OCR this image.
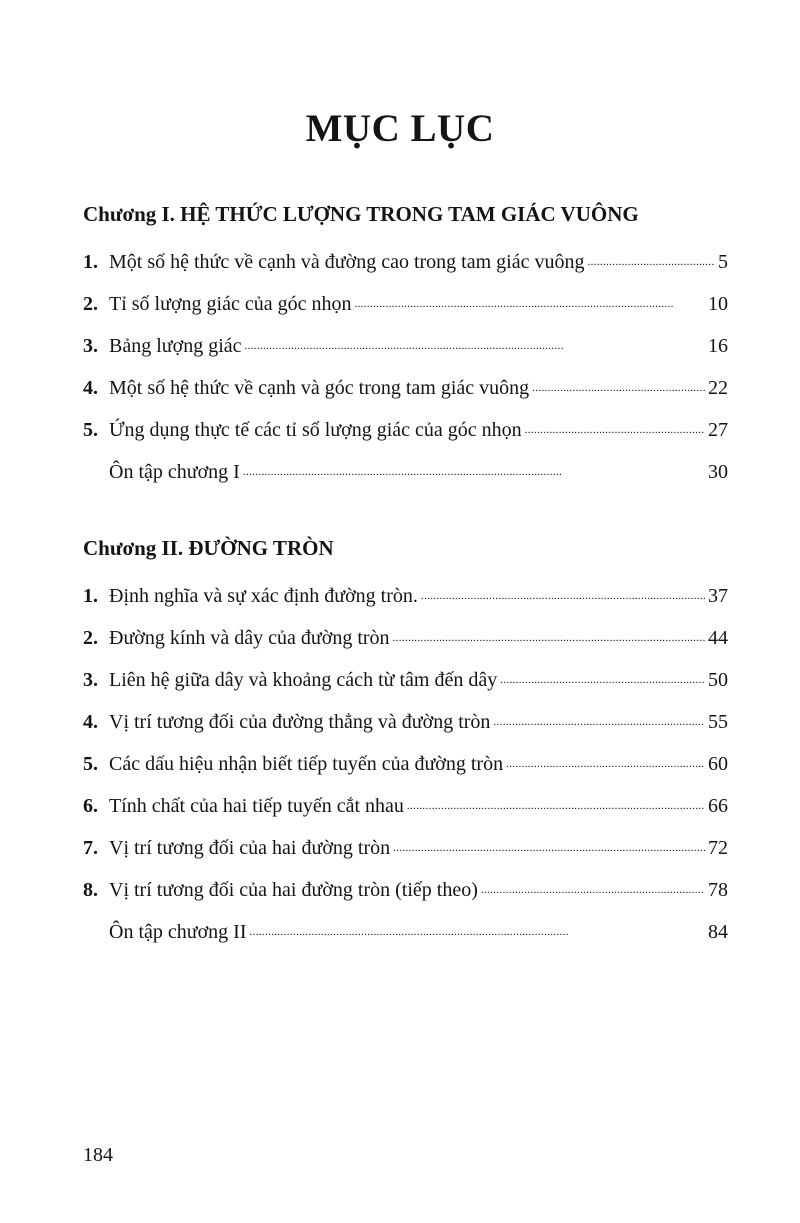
MỤC LỤC
Chương I. HỆ THỨC LƯỢNG TRONG TAM GIÁC VUÔNG
1. Một số hệ thức về cạnh và đường cao trong tam giác vuông . . .	5
2. Tỉ số lượng giác của góc nhọn . . .	10
3. Bảng lượng giác . . .	16
4. Một số hệ thức về cạnh và góc trong tam giác vuông . . .	22
5. Ứng dụng thực tế các tỉ số lượng giác của góc nhọn . . .	27
Ôn tập chương I . . .	30
Chương II. ĐƯỜNG TRÒN
1. Định nghĩa và sự xác định đường tròn. . . .	37
2. Đường kính và dây của đường tròn . . .	44
3. Liên hệ giữa dây và khoảng cách từ tâm đến dây . . .	50
4. Vị trí tương đối của đường thẳng và đường tròn . . .	55
5. Các dấu hiệu nhận biết tiếp tuyến của đường tròn . . .	60
6. Tính chất của hai tiếp tuyến cắt nhau . . .	66
7. Vị trí tương đối của hai đường tròn . . .	72
8. Vị trí tương đối của hai đường tròn (tiếp theo) . . .	78
Ôn tập chương II . . .	84
184
